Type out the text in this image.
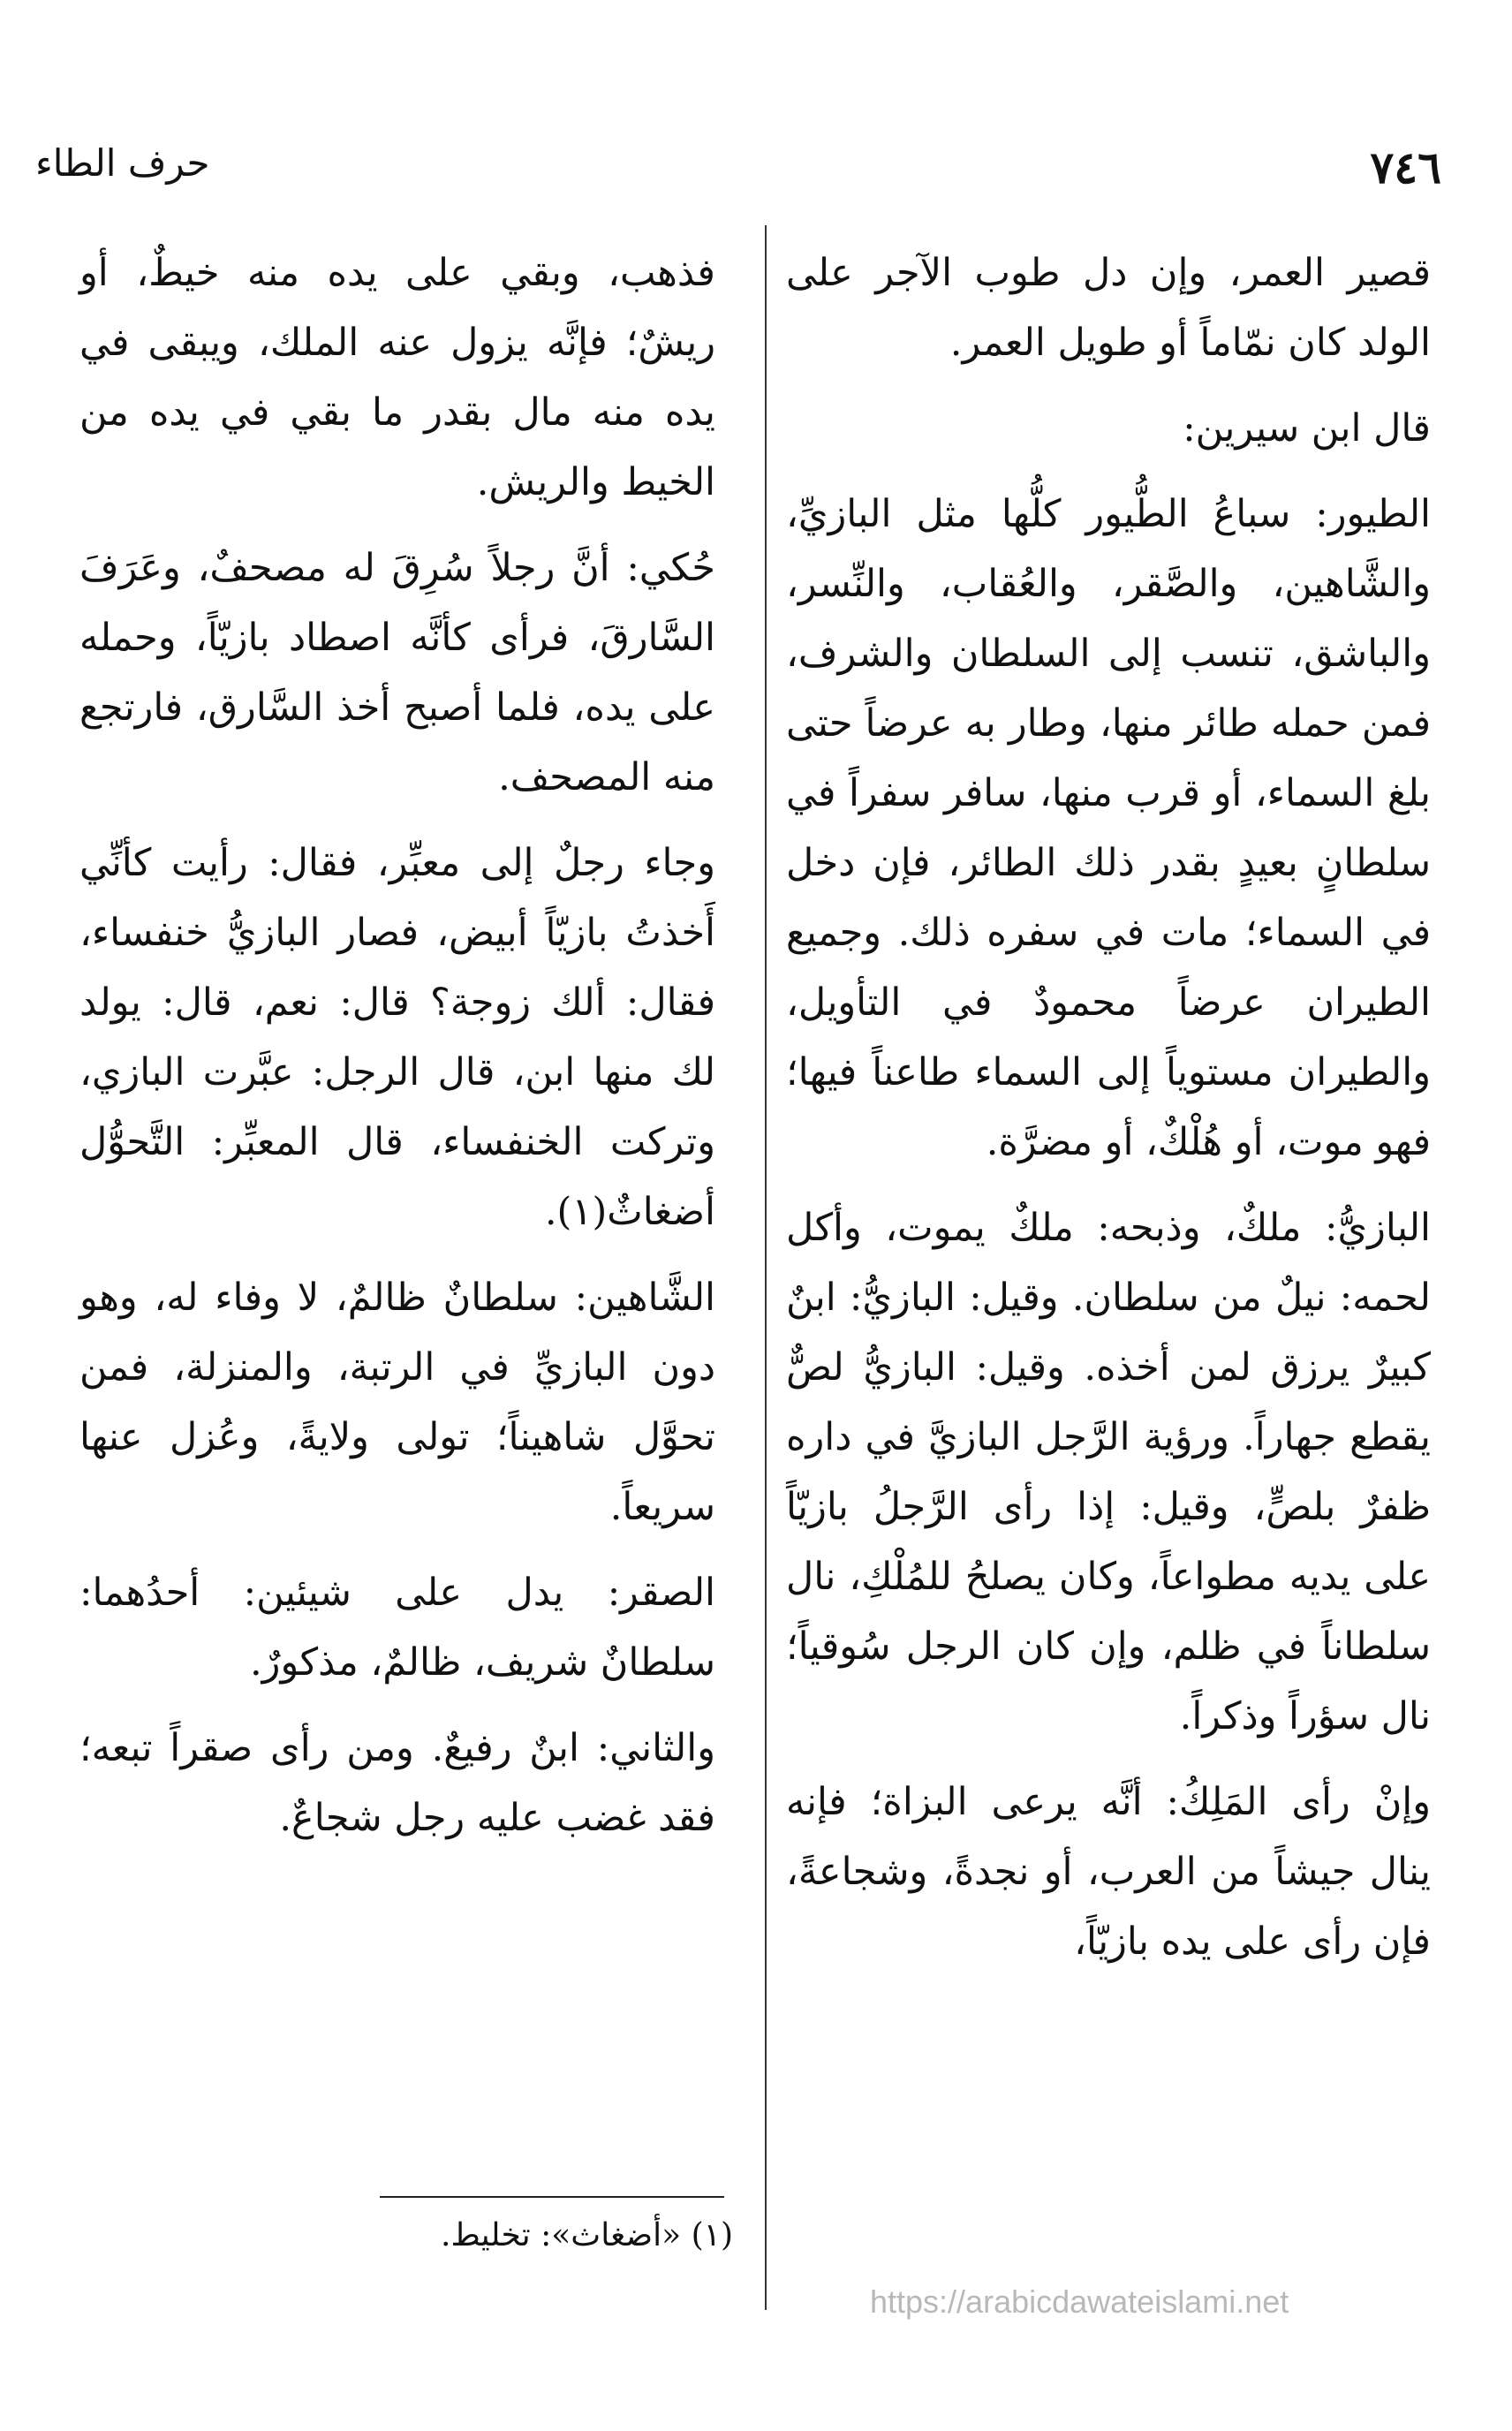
٧٤٦
حرف الطاء

قصير العمر، وإن دل طوب الآجر على الولد كان نمّاماً أو طويل العمر.

قال ابن سيرين:

الطيور: سباعُ الطُّيور كلُّها مثل البازيِّ، والشَّاهين، والصَّقر، والعُقاب، والنِّسر، والباشق، تنسب إلى السلطان والشرف، فمن حمله طائر منها، وطار به عرضاً حتى بلغ السماء، أو قرب منها، سافر سفراً في سلطانٍ بعيدٍ بقدر ذلك الطائر، فإن دخل في السماء؛ مات في سفره ذلك. وجميع الطيران عرضاً محمودٌ في التأويل، والطيران مستوياً إلى السماء طاعناً فيها؛ فهو موت، أو هُلْكٌ، أو مضرَّة.

البازيُّ: ملكٌ، وذبحه: ملكٌ يموت، وأكل لحمه: نيلٌ من سلطان. وقيل: البازيُّ: ابنٌ كبيرٌ يرزق لمن أخذه. وقيل: البازيُّ لصٌّ يقطع جهاراً. ورؤية الرَّجل البازيَّ في داره ظفرٌ بلصٍّ، وقيل: إذا رأى الرَّجلُ بازيّاً على يديه مطواعاً، وكان يصلحُ للمُلْكِ، نال سلطاناً في ظلم، وإن كان الرجل سُوقياً؛ نال سؤراً وذكراً.

وإنْ رأى المَلِكُ: أنَّه يرعى البزاة؛ فإنه ينال جيشاً من العرب، أو نجدةً، وشجاعةً، فإن رأى على يده بازيّاً،

فذهب، وبقي على يده منه خيطٌ، أو ريشٌ؛ فإنَّه يزول عنه الملك، ويبقى في يده منه مال بقدر ما بقي في يده من الخيط والريش.

حُكي: أنَّ رجلاً سُرِقَ له مصحفٌ، وعَرَفَ السَّارقَ، فرأى كأنَّه اصطاد بازيّاً، وحمله على يده، فلما أصبح أخذ السَّارق، فارتجع منه المصحف.

وجاء رجلٌ إلى معبِّر، فقال: رأيت كأنِّي أَخذتُ بازيّاً أبيض، فصار البازيُّ خنفساء، فقال: ألك زوجة؟ قال: نعم، قال: يولد لك منها ابن، قال الرجل: عبَّرت البازي، وتركت الخنفساء، قال المعبِّر: التَّحوُّل أضغاثٌ(١).

الشَّاهين: سلطانٌ ظالمٌ، لا وفاء له، وهو دون البازيِّ في الرتبة، والمنزلة، فمن تحوَّل شاهيناً؛ تولى ولايةً، وعُزل عنها سريعاً.

الصقر: يدل على شيئين: أحدُهما: سلطانٌ شريف، ظالمٌ، مذكورٌ.

والثاني: ابنٌ رفيعٌ. ومن رأى صقراً تبعه؛ فقد غضب عليه رجل شجاعٌ.

(١) «أضغاث»: تخليط.
https://arabicdawateislami.net
